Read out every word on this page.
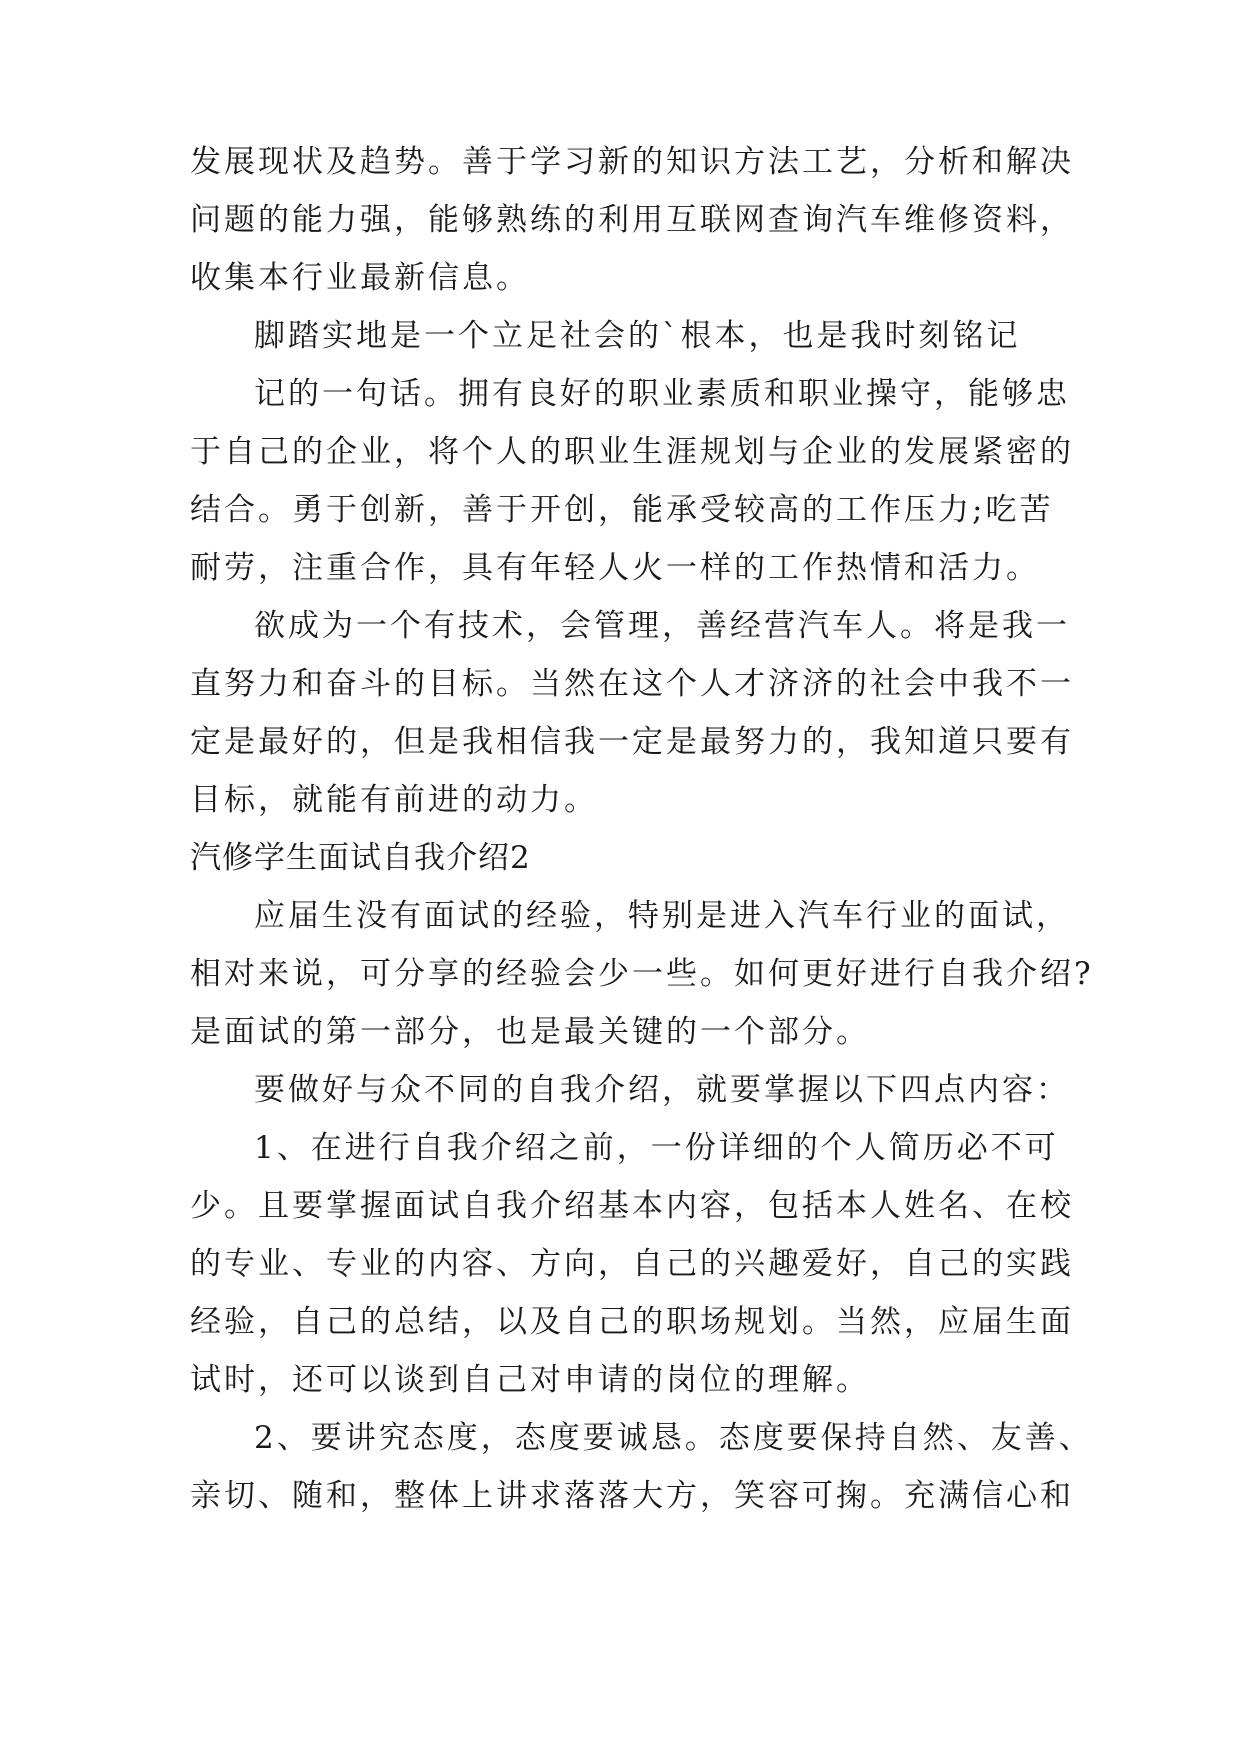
发展现状及趋势。善于学习新的知识方法工艺，分析和解决
问题的能力强，能够熟练的利用互联网查询汽车维修资料，
收集本行业最新信息。
脚踏实地是一个立足社会的`根本，也是我时刻铭记
记的一句话。拥有良好的职业素质和职业操守，能够忠
于自己的企业，将个人的职业生涯规划与企业的发展紧密的
结合。勇于创新，善于开创，能承受较高的工作压力;吃苦
耐劳，注重合作，具有年轻人火一样的工作热情和活力。
欲成为一个有技术，会管理，善经营汽车人。将是我一
直努力和奋斗的目标。当然在这个人才济济的社会中我不一
定是最好的，但是我相信我一定是最努力的，我知道只要有
目标，就能有前进的动力。
汽修学生面试自我介绍2
应届生没有面试的经验，特别是进入汽车行业的面试，
相对来说，可分享的经验会少一些。如何更好进行自我介绍?
是面试的第一部分，也是最关键的一个部分。
要做好与众不同的自我介绍，就要掌握以下四点内容：
1、在进行自我介绍之前，一份详细的个人简历必不可
少。且要掌握面试自我介绍基本内容，包括本人姓名、在校
的专业、专业的内容、方向，自己的兴趣爱好，自己的实践
经验，自己的总结，以及自己的职场规划。当然，应届生面
试时，还可以谈到自己对申请的岗位的理解。
2、要讲究态度，态度要诚恳。态度要保持自然、友善、
亲切、随和，整体上讲求落落大方，笑容可掬。充满信心和
